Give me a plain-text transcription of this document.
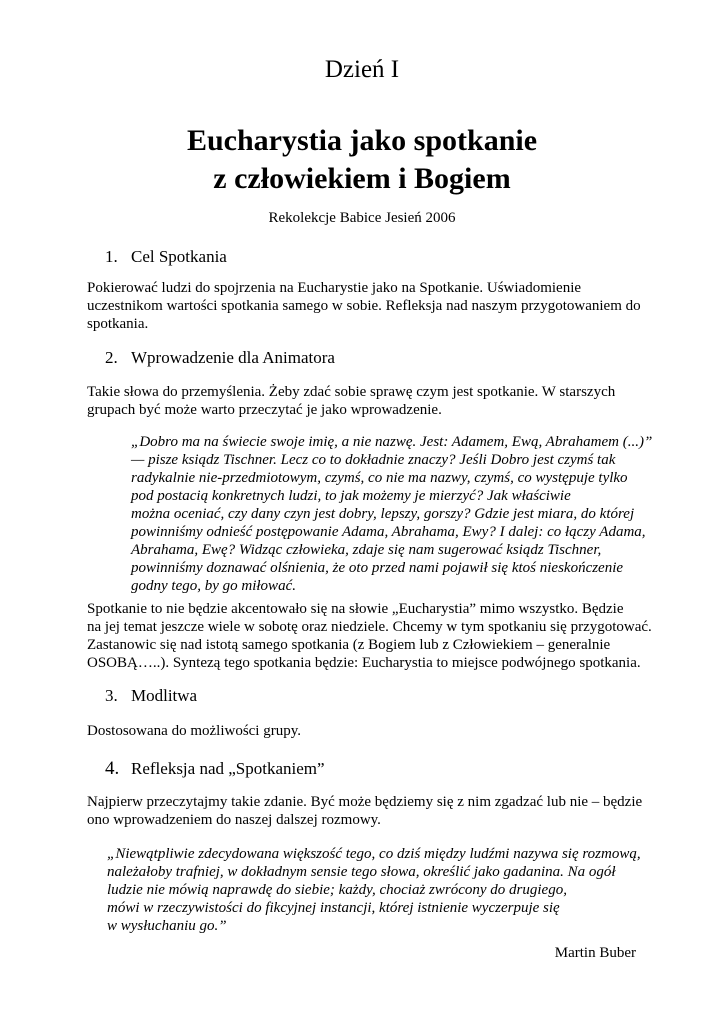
Dzień I
Eucharystia jako spotkanie
z człowiekiem i Bogiem
Rekolekcje Babice Jesień 2006
1. Cel Spotkania
Pokierować ludzi do spojrzenia na Eucharystie jako na Spotkanie. Uświadomienie
uczestnikom wartości spotkania samego w sobie. Refleksja nad naszym przygotowaniem do
spotkania.
2. Wprowadzenie dla Animatora
Takie słowa do przemyślenia. Żeby zdać sobie sprawę czym jest spotkanie. W starszych
grupach być może warto przeczytać je jako wprowadzenie.
„Dobro ma na świecie swoje imię, a nie nazwę. Jest: Adamem, Ewą, Abrahamem (...)”
— pisze ksiądz Tischner. Lecz co to dokładnie znaczy? Jeśli Dobro jest czymś tak
radykalnie nie-przedmiotowym, czymś, co nie ma nazwy, czymś, co występuje tylko
pod postacią konkretnych ludzi, to jak możemy je mierzyć? Jak właściwie
można oceniać, czy dany czyn jest dobry, lepszy, gorszy? Gdzie jest miara, do której
powinniśmy odnieść postępowanie Adama, Abrahama, Ewy? I dalej: co łączy Adama,
Abrahama, Ewę? Widząc człowieka, zdaje się nam sugerować ksiądz Tischner,
powinniśmy doznawać olśnienia, że oto przed nami pojawił się ktoś nieskończenie
godny tego, by go miłować.
Spotkanie to nie będzie akcentowało się na słowie „Eucharystia” mimo wszystko. Będzie
na jej temat jeszcze wiele w sobotę oraz niedziele. Chcemy w tym spotkaniu się przygotować.
Zastanowic się nad istotą samego spotkania (z Bogiem lub z Człowiekiem – generalnie
OSOBĄ…..). Syntezą tego spotkania będzie: Eucharystia to miejsce podwójnego spotkania.
3. Modlitwa
Dostosowana do możliwości grupy.
4. Refleksja nad „Spotkaniem”
Najpierw przeczytajmy takie zdanie. Być może będziemy się z nim zgadzać lub nie – będzie
ono wprowadzeniem do naszej dalszej rozmowy.
„Niewątpliwie zdecydowana większość tego, co dziś między ludźmi nazywa się rozmową,
należałoby trafniej, w dokładnym sensie tego słowa, określić jako gadanina. Na ogół
ludzie nie mówią naprawdę do siebie; każdy, chociaż zwrócony do drugiego,
mówi w rzeczywistości do fikcyjnej instancji, której istnienie wyczerpuje się
w wysłuchaniu go.”
Martin Buber
